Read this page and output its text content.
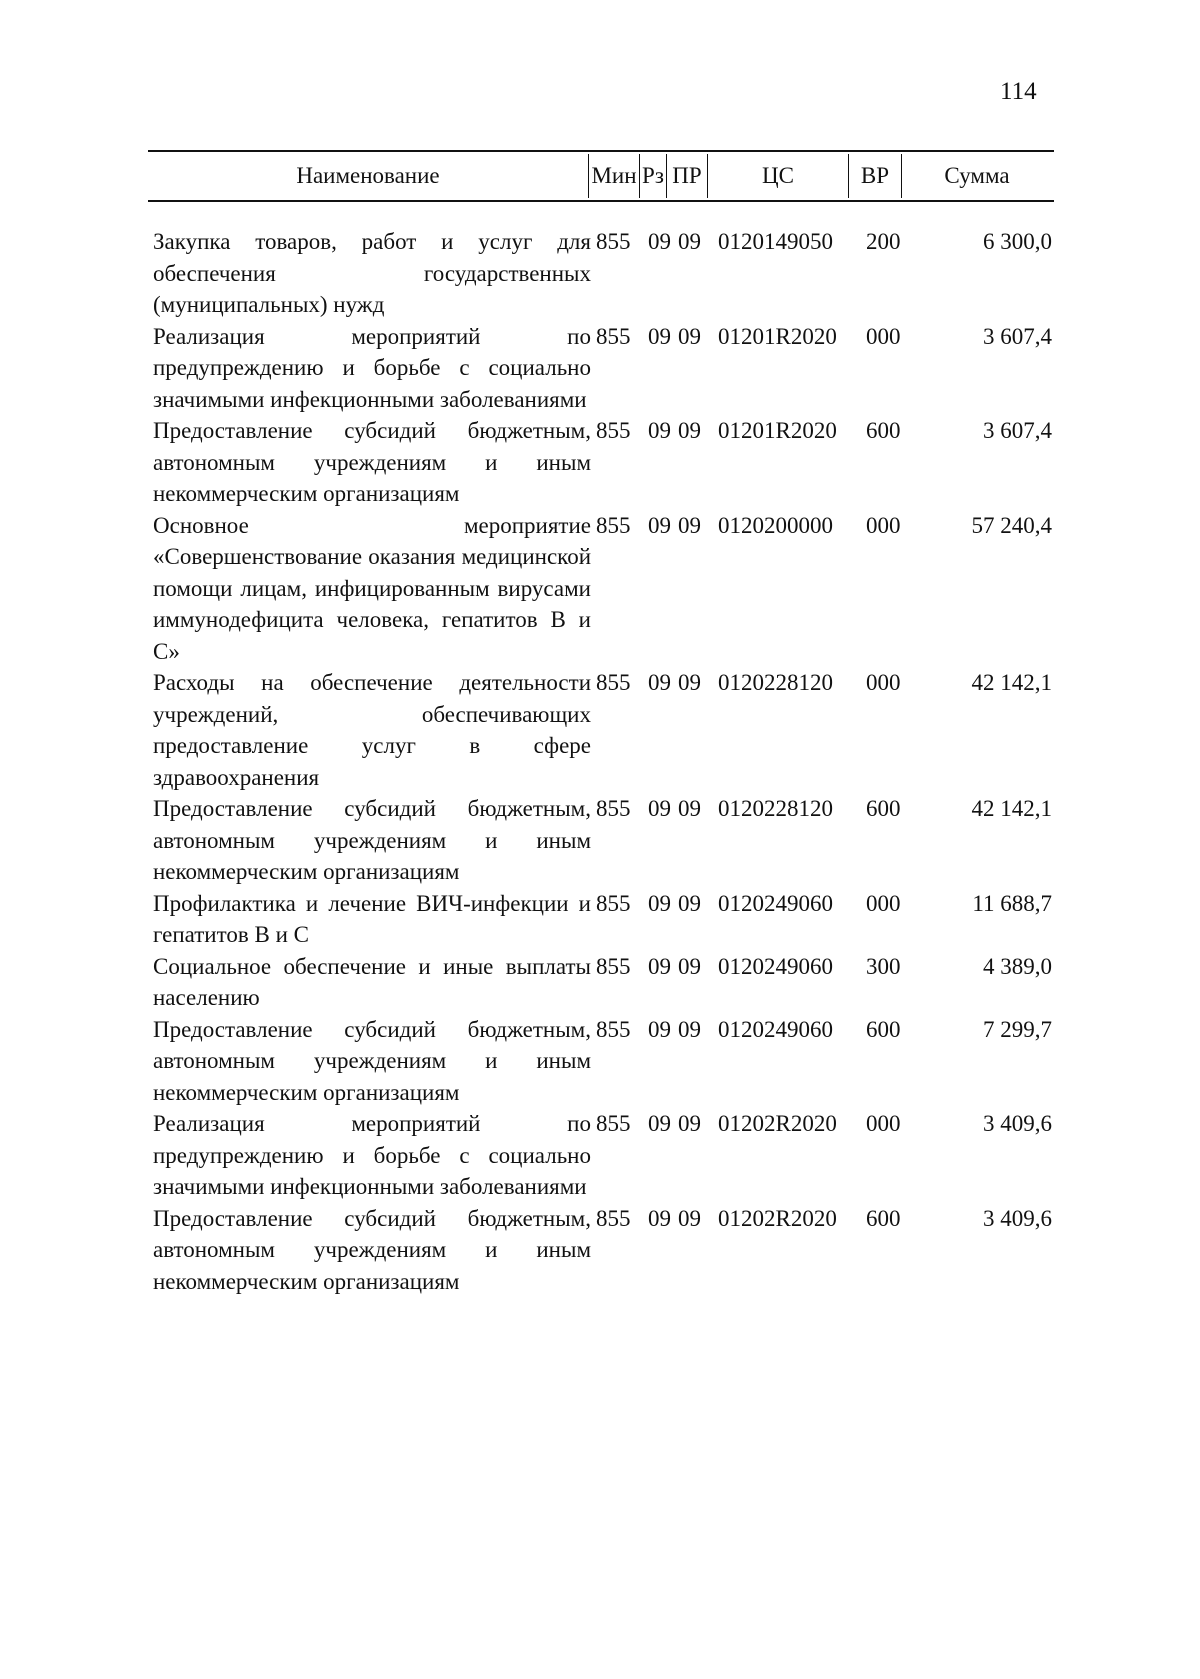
114
Наименование	Мин Рз ПР	ЦС	ВР	Сумма
Закупка товаров, работ и услуг для обеспечения государственных (муниципальных) нужд
855 09 09 0120149050 200	6 300,0
Реализация мероприятий по предупреждению и борьбе с социально значимыми инфекционными заболеваниями
855 09 09 01201R2020 000	3 607,4
Предоставление субсидий бюджетным, автономным учреждениям и иным некоммерческим организациям
855 09 09 01201R2020 600	3 607,4
Основное мероприятие «Совершенствование оказания медицинской помощи лицам, инфицированным вирусами иммунодефицита человека, гепатитов В и С»
855 09 09 0120200000 000	57 240,4
Расходы на обеспечение деятельности учреждений, обеспечивающих предоставление услуг в сфере здравоохранения
855 09 09 0120228120 000	42 142,1
Предоставление субсидий бюджетным, автономным учреждениям и иным некоммерческим организациям
855 09 09 0120228120 600	42 142,1
Профилактика и лечение ВИЧ-инфекции и гепатитов В и С
855 09 09 0120249060 000	11 688,7
Социальное обеспечение и иные выплаты населению
855 09 09 0120249060 300	4 389,0
Предоставление субсидий бюджетным, автономным учреждениям и иным некоммерческим организациям
855 09 09 0120249060 600	7 299,7
Реализация мероприятий по предупреждению и борьбе с социально значимыми инфекционными заболеваниями
855 09 09 01202R2020 000	3 409,6
Предоставление субсидий бюджетным, автономным учреждениям и иным некоммерческим организациям
855 09 09 01202R2020 600	3 409,6
